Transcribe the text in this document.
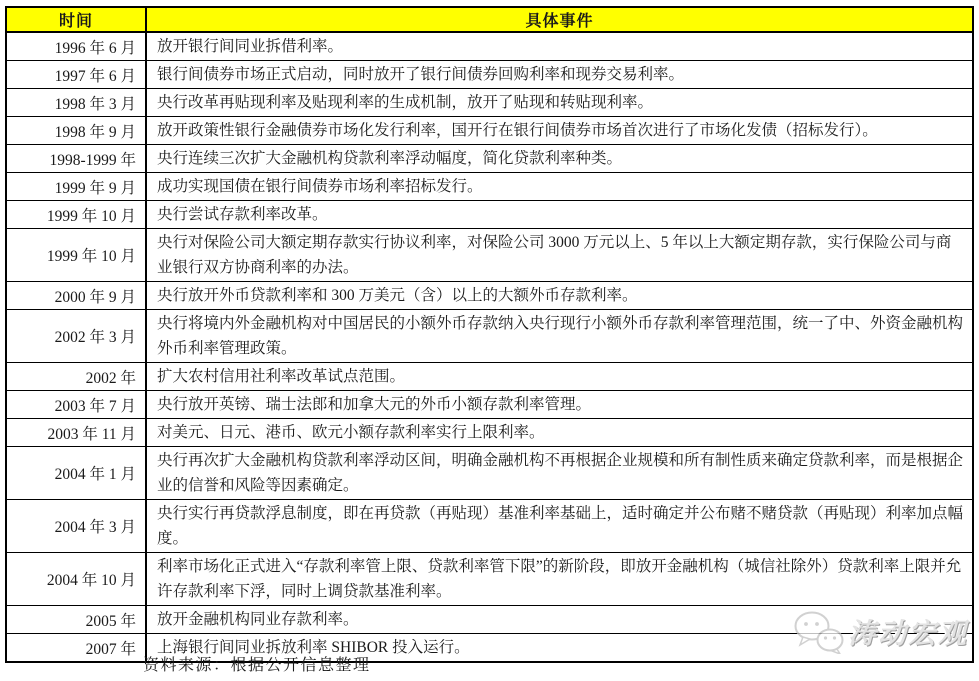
时间	具体事件
1996 年 6 月	放开银行间同业拆借利率。
1997 年 6 月	银行间债券市场正式启动，同时放开了银行间债券回购利率和现券交易利率。
1998 年 3 月	央行改革再贴现利率及贴现利率的生成机制，放开了贴现和转贴现利率。
1998 年 9 月	放开政策性银行金融债券市场化发行利率，国开行在银行间债券市场首次进行了市场化发债（招标发行）。
1998-1999 年	央行连续三次扩大金融机构贷款利率浮动幅度，简化贷款利率种类。
1999 年 9 月	成功实现国债在银行间债券市场利率招标发行。
1999 年 10 月	央行尝试存款利率改革。
1999 年 10 月	央行对保险公司大额定期存款实行协议利率，对保险公司 3000 万元以上、5 年以上大额定期存款，实行保险公司与商业银行双方协商利率的办法。
2000 年 9 月	央行放开外币贷款利率和 300 万美元（含）以上的大额外币存款利率。
2002 年 3 月	央行将境内外金融机构对中国居民的小额外币存款纳入央行现行小额外币存款利率管理范围，统一了中、外资金融机构外币利率管理政策。
2002 年	扩大农村信用社利率改革试点范围。
2003 年 7 月	央行放开英镑、瑞士法郎和加拿大元的外币小额存款利率管理。
2003 年 11 月	对美元、日元、港币、欧元小额存款利率实行上限利率。
2004 年 1 月	央行再次扩大金融机构贷款利率浮动区间，明确金融机构不再根据企业规模和所有制性质来确定贷款利率，而是根据企业的信誉和风险等因素确定。
2004 年 3 月	央行实行再贷款浮息制度，即在再贷款（再贴现）基准利率基础上，适时确定并公布赌不赌贷款（再贴现）利率加点幅度。
2004 年 10 月	利率市场化正式进入“存款利率管上限、贷款利率管下限”的新阶段，即放开金融机构（城信社除外）贷款利率上限并允许存款利率下浮，同时上调贷款基准利率。
2005 年	放开金融机构同业存款利率。
2007 年	上海银行间同业拆放利率 SHIBOR 投入运行。
资料来源：根据公开信息整理
涛动宏观
